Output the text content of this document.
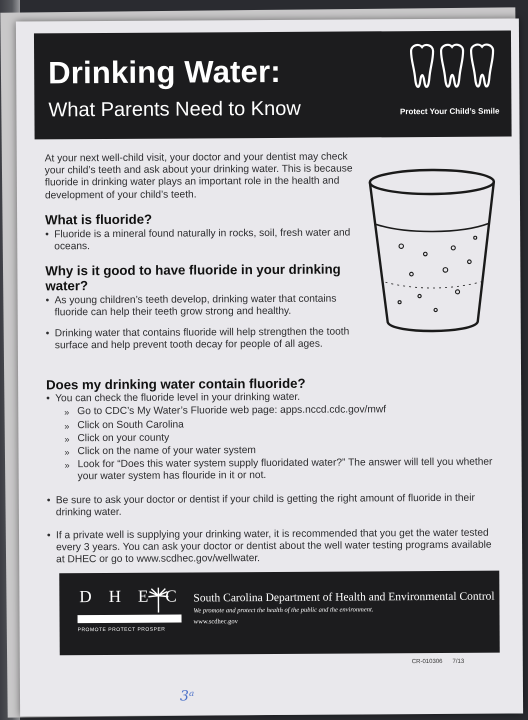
Drinking Water:
What Parents Need to Know	Protect Your Child’s Smile

At your next well-child visit, your doctor and your dentist may check your child’s teeth and ask about your drinking water. This is because fluoride in drinking water plays an important role in the health and development of your child’s teeth.

What is fluoride?
• Fluoride is a mineral found naturally in rocks, soil, fresh water and oceans.
Why is it good to have fluoride in your drinking water?
• As young children’s teeth develop, drinking water that contains fluoride can help their teeth grow strong and healthy.
• Drinking water that contains fluoride will help strengthen the tooth surface and help prevent tooth decay for people of all ages.
Does my drinking water contain fluoride?
• You can check the fluoride level in your drinking water.
» Go to CDC’s My Water’s Fluoride web page: apps.nccd.cdc.gov/mwf
» Click on South Carolina
» Click on your county
» Click on the name of your water system
» Look for “Does this water system supply fluoridated water?” The answer will tell you whether your water system has flouride in it or not.
• Be sure to ask your doctor or dentist if your child is getting the right amount of fluoride in their drinking water.
• If a private well is supplying your drinking water, it is recommended that you get the water tested every 3 years. You can ask your doctor or dentist about the well water testing programs available at DHEC or go to www.scdhec.gov/wellwater.
DHEC
PROMOTE PROTECT PROSPER
South Carolina Department of Health and Environmental Control
We promote and protect the health of the public and the environment.
www.scdhec.gov
CR-010306 7/13
3ᵃ
